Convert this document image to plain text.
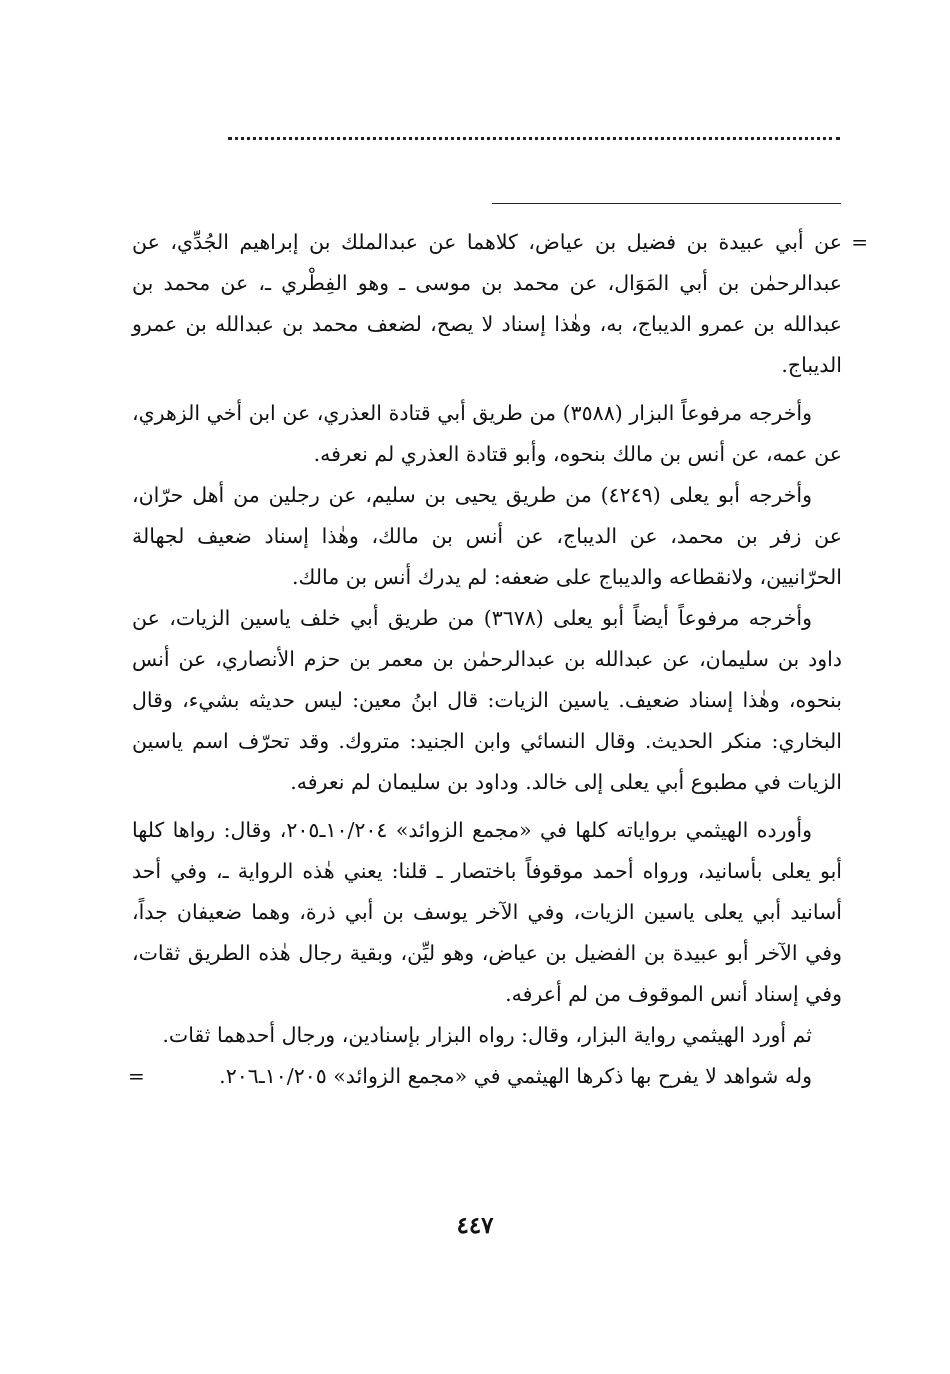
=
عن أبي عبيدة بن فضيل بن عياض، كلاهما عن عبدالملك بن إبراهيم الجُدِّي، عن عبدالرحمٰن بن أبي المَوَال، عن محمد بن موسى ـ وهو الفِطْري ـ، عن محمد بن عبدالله بن عمرو الديباج، به، وهٰذا إسناد لا يصح، لضعف محمد بن عبدالله بن عمرو الديباج.

وأخرجه مرفوعاً البزار (٣٥٨٨) من طريق أبي قتادة العذري، عن ابن أخي الزهري، عن عمه، عن أنس بن مالك بنحوه، وأبو قتادة العذري لم نعرفه.

وأخرجه أبو يعلى (٤٢٤٩) من طريق يحيى بن سليم، عن رجلين من أهل حرّان، عن زفر بن محمد، عن الديباج، عن أنس بن مالك، وهٰذا إسناد ضعيف لجهالة الحرّانيين، ولانقطاعه والديباج على ضعفه: لم يدرك أنس بن مالك.

وأخرجه مرفوعاً أيضاً أبو يعلى (٣٦٧٨) من طريق أبي خلف ياسين الزيات، عن داود بن سليمان، عن عبدالله بن عبدالرحمٰن بن معمر بن حزم الأنصاري، عن أنس بنحوه، وهٰذا إسناد ضعيف. ياسين الزيات: قال ابنُ معين: ليس حديثه بشيء، وقال البخاري: منكر الحديث. وقال النسائي وابن الجنيد: متروك. وقد تحرّف اسم ياسين الزيات في مطبوع أبي يعلى إلى خالد. وداود بن سليمان لم نعرفه.

وأورده الهيثمي برواياته كلها في «مجمع الزوائد» ١٠/٢٠٤ـ٢٠٥، وقال: رواها كلها أبو يعلى بأسانيد، ورواه أحمد موقوفاً باختصار ـ قلنا: يعني هٰذه الرواية ـ، وفي أحد أسانيد أبي يعلى ياسين الزيات، وفي الآخر يوسف بن أبي ذرة، وهما ضعيفان جداً، وفي الآخر أبو عبيدة بن الفضيل بن عياض، وهو ليِّن، وبقية رجال هٰذه الطريق ثقات، وفي إسناد أنس الموقوف من لم أعرفه.

ثم أورد الهيثمي رواية البزار، وقال: رواه البزار بإسنادين، ورجال أحدهما ثقات.

وله شواهد لا يفرح بها ذكرها الهيثمي في «مجمع الزوائد» ١٠/٢٠٥ـ٢٠٦.
=

٤٤٧
